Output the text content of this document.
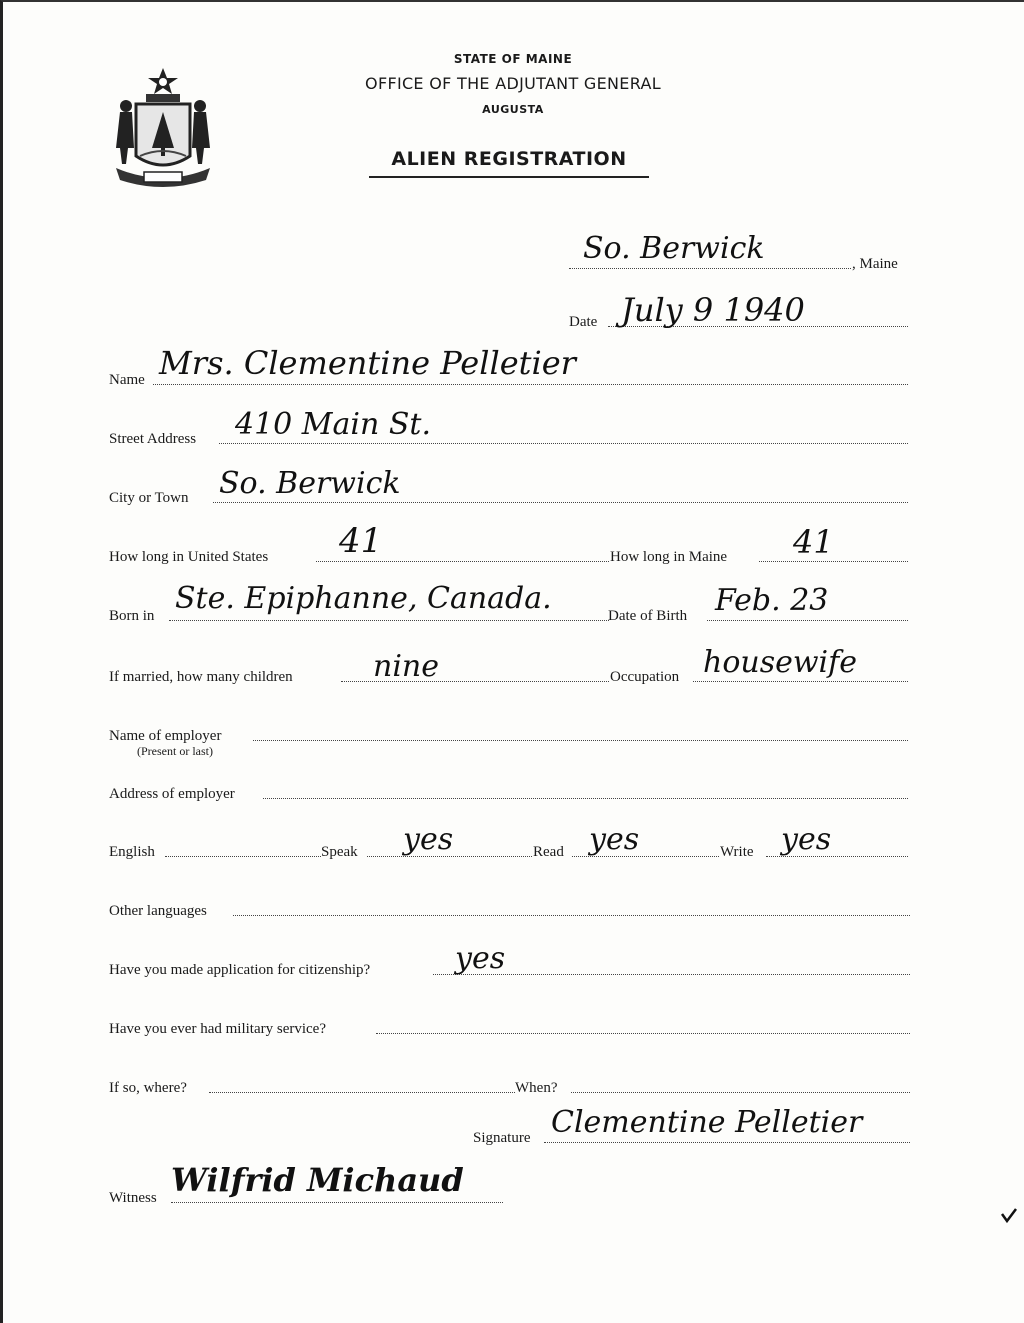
STATE OF MAINE
OFFICE OF THE ADJUTANT GENERAL
AUGUSTA
ALIEN REGISTRATION
So. Berwick	, Maine
Date July 9 1940
Name Mrs. Clementine Pelletier
Street Address 410 Main St.
City or Town So. Berwick
How long in United States 41	How long in Maine 41
Born in Ste. Epiphanne, Canada.	Date of Birth Feb. 23
If married, how many children	nine	Occupation housewife
Name of employer
(Present or last)
Address of employer
English	Speak yes	Read yes	Write yes
Other languages
Have you made application for citizenship?	yes
Have you ever had military service?
If so, where?	When?
Signature Clementine Pelletier
Witness Wilfrid Michaud
